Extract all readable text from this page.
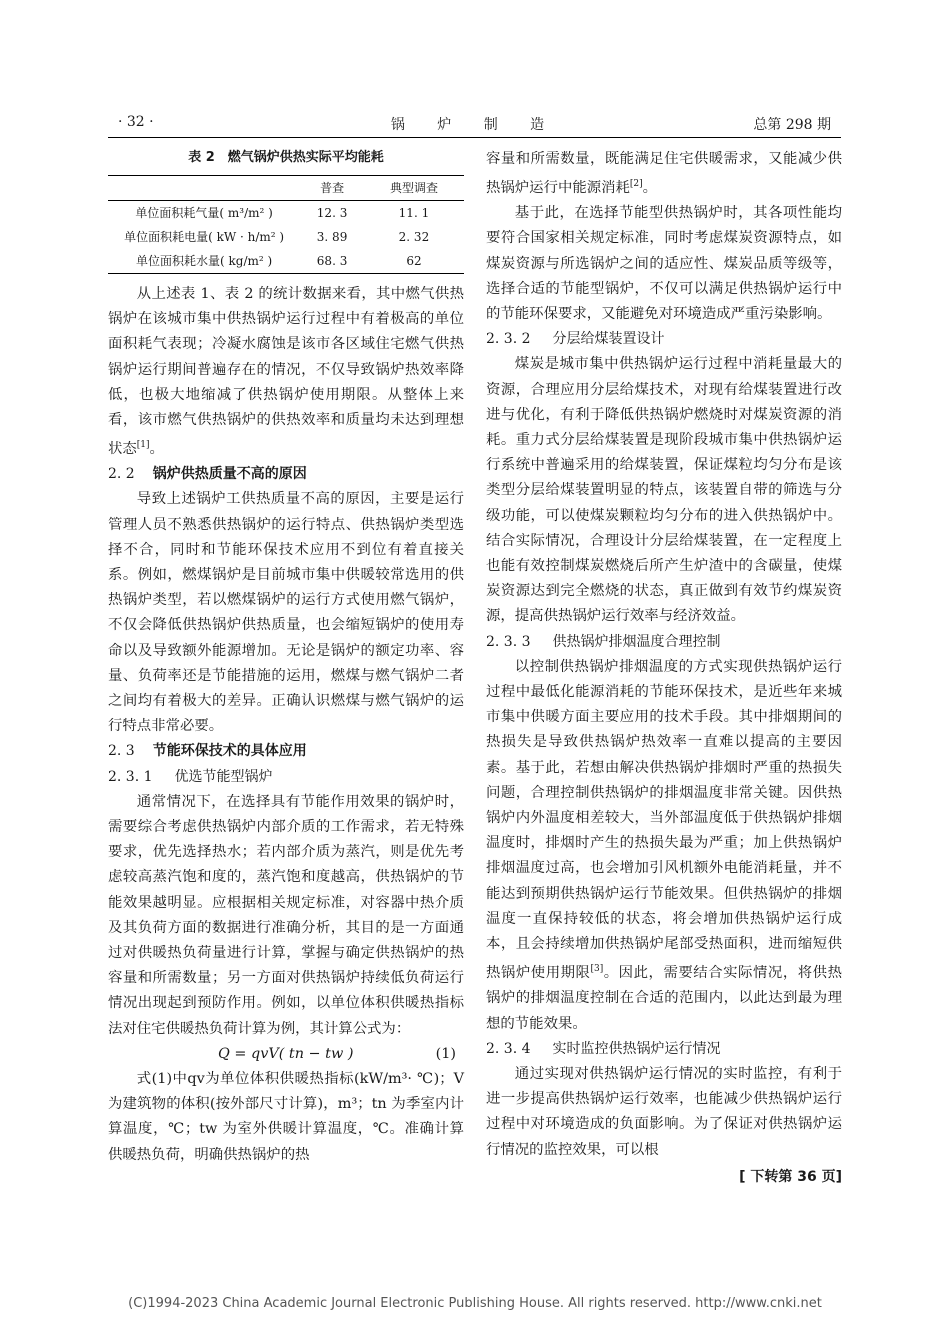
· 32 ·	锅 炉 制 造	总第 298 期
表 2　燃气锅炉供热实际平均能耗
	普查	典型调查
单位面积耗气量( m³/m² )	12. 3	11. 1
单位面积耗电量( kW · h/m² )	3. 89	2. 32
单位面积耗水量( kg/m² )	68. 3	62

从上述表 1、表 2 的统计数据来看，其中燃气供热锅炉在该城市集中供热锅炉运行过程中有着极高的单位面积耗气表现；冷凝水腐蚀是该市各区域住宅燃气供热锅炉运行期间普遍存在的情况，不仅导致锅炉热效率降低，也极大地缩减了供热锅炉使用期限。从整体上来看，该市燃气供热锅炉的供热效率和质量均未达到理想状态[1]。

2. 2 锅炉供热质量不高的原因

导致上述锅炉工供热质量不高的原因，主要是运行管理人员不熟悉供热锅炉的运行特点、供热锅炉类型选择不合，同时和节能环保技术应用不到位有着直接关系。例如，燃煤锅炉是目前城市集中供暖较常选用的供热锅炉类型，若以燃煤锅炉的运行方式使用燃气锅炉，不仅会降低供热锅炉供热质量，也会缩短锅炉的使用寿命以及导致额外能源增加。无论是锅炉的额定功率、容量、负荷率还是节能措施的运用，燃煤与燃气锅炉二者之间均有着极大的差异。正确认识燃煤与燃气锅炉的运行特点非常必要。

2. 3 节能环保技术的具体应用
2. 3. 1 优选节能型锅炉

通常情况下，在选择具有节能作用效果的锅炉时，需要综合考虑供热锅炉内部介质的工作需求，若无特殊要求，优先选择热水；若内部介质为蒸汽，则是优先考虑较高蒸汽饱和度的，蒸汽饱和度越高，供热锅炉的节能效果越明显。应根据相关规定标准，对容器中热介质及其负荷方面的数据进行准确分析，其目的是一方面通过对供暖热负荷量进行计算，掌握与确定供热锅炉的热容量和所需数量；另一方面对供热锅炉持续低负荷运行情况出现起到预防作用。例如，以单位体积供暖热指标法对住宅供暖热负荷计算为例，其计算公式为：

Q = qvV( tn − tw )	(1)

式(1)中qv为单位体积供暖热指标(kW/m³· ℃)；V 为建筑物的体积(按外部尺寸计算)，m³；tn 为季室内计算温度，℃；tw 为室外供暖计算温度，℃。准确计算供暖热负荷，明确供热锅炉的热

容量和所需数量，既能满足住宅供暖需求，又能减少供热锅炉运行中能源消耗[2]。

基于此，在选择节能型供热锅炉时，其各项性能均要符合国家相关规定标准，同时考虑煤炭资源特点，如煤炭资源与所选锅炉之间的适应性、煤炭品质等级等，选择合适的节能型锅炉，不仅可以满足供热锅炉运行中的节能环保要求，又能避免对环境造成严重污染影响。

2. 3. 2 分层给煤装置设计

煤炭是城市集中供热锅炉运行过程中消耗量最大的资源，合理应用分层给煤技术，对现有给煤装置进行改进与优化，有利于降低供热锅炉燃烧时对煤炭资源的消耗。重力式分层给煤装置是现阶段城市集中供热锅炉运行系统中普遍采用的给煤装置，保证煤粒均匀分布是该类型分层给煤装置明显的特点，该装置自带的筛选与分级功能，可以使煤炭颗粒均匀分布的进入供热锅炉中。结合实际情况，合理设计分层给煤装置，在一定程度上也能有效控制煤炭燃烧后所产生炉渣中的含碳量，使煤炭资源达到完全燃烧的状态，真正做到有效节约煤炭资源，提高供热锅炉运行效率与经济效益。

2. 3. 3 供热锅炉排烟温度合理控制

以控制供热锅炉排烟温度的方式实现供热锅炉运行过程中最低化能源消耗的节能环保技术，是近些年来城市集中供暖方面主要应用的技术手段。其中排烟期间的热损失是导致供热锅炉热效率一直难以提高的主要因素。基于此，若想由解决供热锅炉排烟时严重的热损失问题，合理控制供热锅炉的排烟温度非常关键。因供热锅炉内外温度相差较大，当外部温度低于供热锅炉排烟温度时，排烟时产生的热损失最为严重；加上供热锅炉排烟温度过高，也会增加引风机额外电能消耗量，并不能达到预期供热锅炉运行节能效果。但供热锅炉的排烟温度一直保持较低的状态，将会增加供热锅炉运行成本，且会持续增加供热锅炉尾部受热面积，进而缩短供热锅炉使用期限[3]。因此，需要结合实际情况，将供热锅炉的排烟温度控制在合适的范围内，以此达到最为理想的节能效果。

2. 3. 4 实时监控供热锅炉运行情况

通过实现对供热锅炉运行情况的实时监控，有利于进一步提高供热锅炉运行效率，也能减少供热锅炉运行过程中对环境造成的负面影响。为了保证对供热锅炉运行情况的监控效果，可以根

[ 下转第 36 页]
(C)1994-2023 China Academic Journal Electronic Publishing House. All rights reserved. http://www.cnki.net
